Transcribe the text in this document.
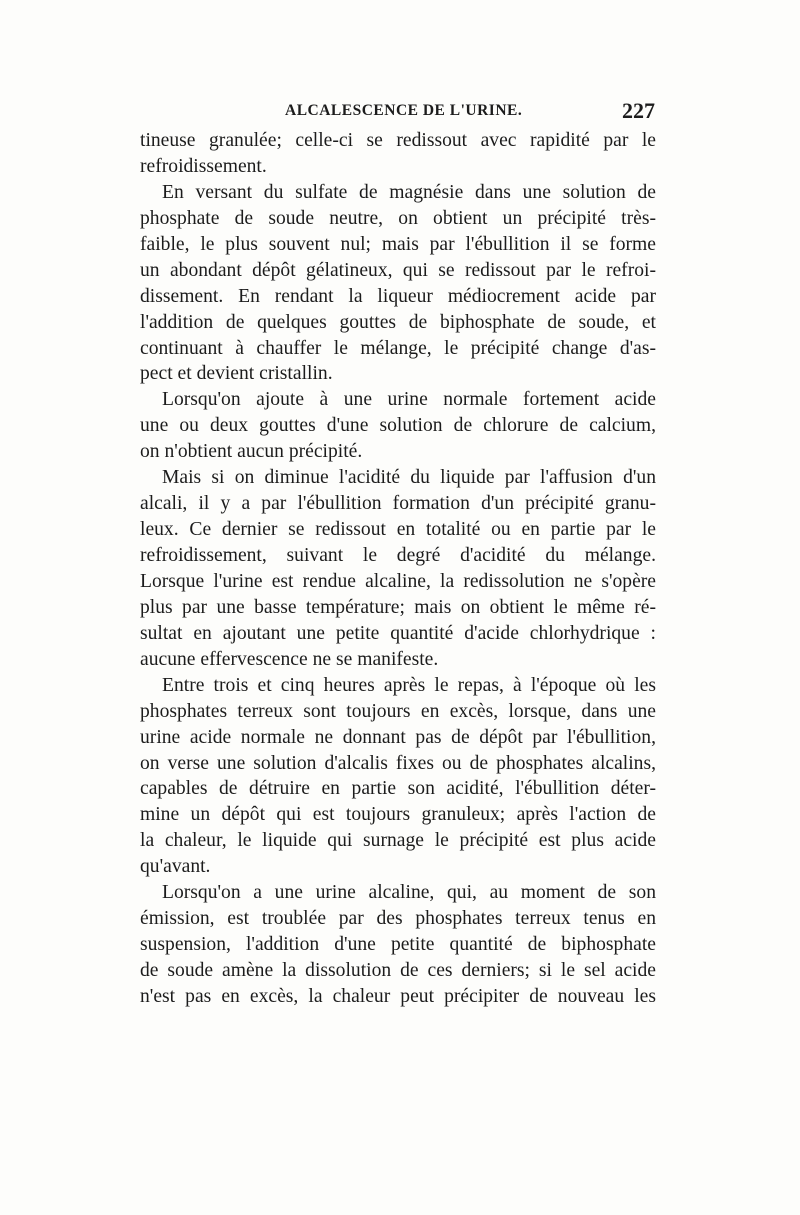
ALCALESCENCE DE L'URINE.	227
tineuse granulée; celle-ci se redissout avec rapidité par le
refroidissement.
En versant du sulfate de magnésie dans une solution de
phosphate de soude neutre, on obtient un précipité très-
faible, le plus souvent nul; mais par l'ébullition il se forme
un abondant dépôt gélatineux, qui se redissout par le refroi-
dissement. En rendant la liqueur médiocrement acide par
l'addition de quelques gouttes de biphosphate de soude, et
continuant à chauffer le mélange, le précipité change d'as-
pect et devient cristallin.
Lorsqu'on ajoute à une urine normale fortement acide
une ou deux gouttes d'une solution de chlorure de calcium,
on n'obtient aucun précipité.
Mais si on diminue l'acidité du liquide par l'affusion d'un
alcali, il y a par l'ébullition formation d'un précipité granu-
leux. Ce dernier se redissout en totalité ou en partie par le
refroidissement, suivant le degré d'acidité du mélange.
Lorsque l'urine est rendue alcaline, la redissolution ne s'opère
plus par une basse température; mais on obtient le même ré-
sultat en ajoutant une petite quantité d'acide chlorhydrique :
aucune effervescence ne se manifeste.
Entre trois et cinq heures après le repas, à l'époque où les
phosphates terreux sont toujours en excès, lorsque, dans une
urine acide normale ne donnant pas de dépôt par l'ébullition,
on verse une solution d'alcalis fixes ou de phosphates alcalins,
capables de détruire en partie son acidité, l'ébullition déter-
mine un dépôt qui est toujours granuleux; après l'action de
la chaleur, le liquide qui surnage le précipité est plus acide
qu'avant.
Lorsqu'on a une urine alcaline, qui, au moment de son
émission, est troublée par des phosphates terreux tenus en
suspension, l'addition d'une petite quantité de biphosphate
de soude amène la dissolution de ces derniers; si le sel acide
n'est pas en excès, la chaleur peut précipiter de nouveau les
